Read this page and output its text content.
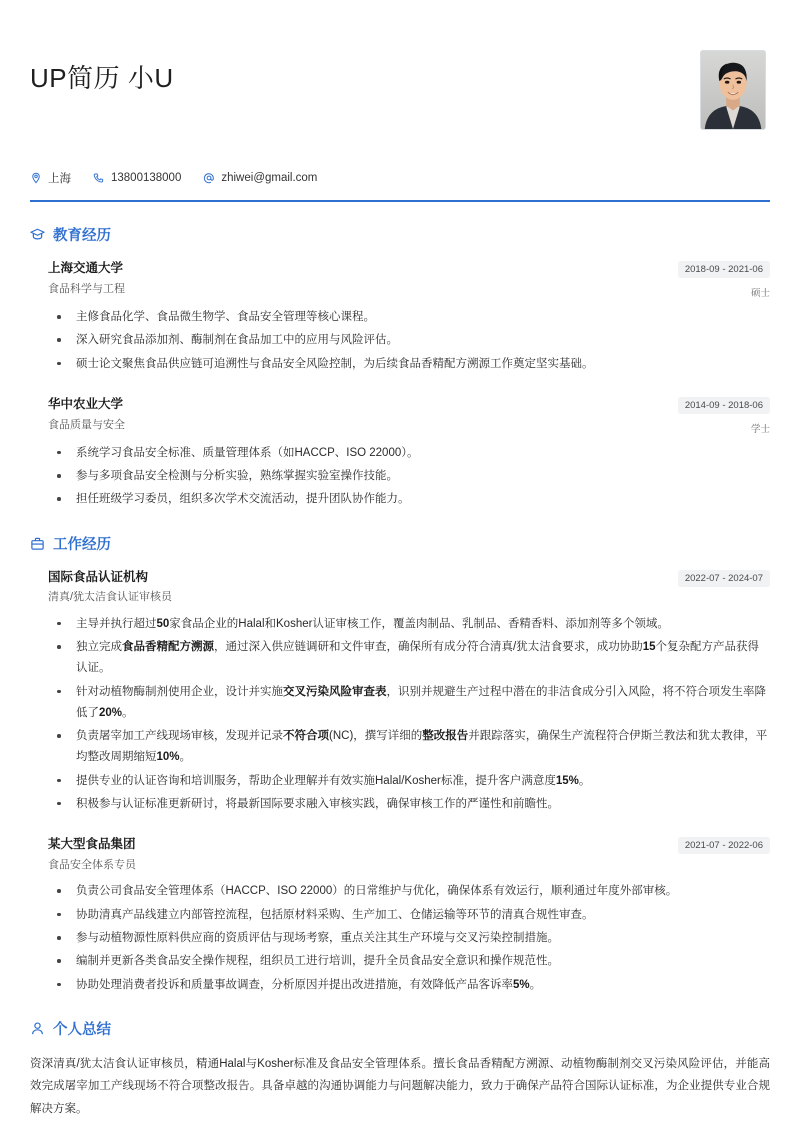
UP简历 小U
上海	13800138000	zhiwei@gmail.com
教育经历
上海交通大学
食品科学与工程
2018-09 - 2021-06
硕士
主修食品化学、食品微生物学、食品安全管理等核心课程。
深入研究食品添加剂、酶制剂在食品加工中的应用与风险评估。
硕士论文聚焦食品供应链可追溯性与食品安全风险控制，为后续食品香精配方溯源工作奠定坚实基础。
华中农业大学
食品质量与安全
2014-09 - 2018-06
学士
系统学习食品安全标准、质量管理体系（如HACCP、ISO 22000）。
参与多项食品安全检测与分析实验，熟练掌握实验室操作技能。
担任班级学习委员，组织多次学术交流活动，提升团队协作能力。
工作经历
国际食品认证机构
清真/犹太洁食认证审核员
2022-07 - 2024-07
主导并执行超过50家食品企业的Halal和Kosher认证审核工作，覆盖肉制品、乳制品、香精香料、添加剂等多个领域。
独立完成食品香精配方溯源，通过深入供应链调研和文件审查，确保所有成分符合清真/犹太洁食要求，成功协助15个复杂配方产品获得认证。
针对动植物酶制剂使用企业，设计并实施交叉污染风险审查表，识别并规避生产过程中潜在的非洁食成分引入风险，将不符合项发生率降低了20%。
负责屠宰加工产线现场审核，发现并记录不符合项(NC)，撰写详细的整改报告并跟踪落实，确保生产流程符合伊斯兰教法和犹太教律，平均整改周期缩短10%。
提供专业的认证咨询和培训服务，帮助企业理解并有效实施Halal/Kosher标准，提升客户满意度15%。
积极参与认证标准更新研讨，将最新国际要求融入审核实践，确保审核工作的严谨性和前瞻性。
某大型食品集团
食品安全体系专员
2021-07 - 2022-06
负责公司食品安全管理体系（HACCP、ISO 22000）的日常维护与优化，确保体系有效运行，顺利通过年度外部审核。
协助清真产品线建立内部管控流程，包括原材料采购、生产加工、仓储运输等环节的清真合规性审查。
参与动植物源性原料供应商的资质评估与现场考察，重点关注其生产环境与交叉污染控制措施。
编制并更新各类食品安全操作规程，组织员工进行培训，提升全员食品安全意识和操作规范性。
协助处理消费者投诉和质量事故调查，分析原因并提出改进措施，有效降低产品客诉率5%。
个人总结
资深清真/犹太洁食认证审核员，精通Halal与Kosher标准及食品安全管理体系。擅长食品香精配方溯源、动植物酶制剂交叉污染风险评估，并能高效完成屠宰加工产线现场不符合项整改报告。具备卓越的沟通协调能力与问题解决能力，致力于确保产品符合国际认证标准，为企业提供专业合规解决方案。
